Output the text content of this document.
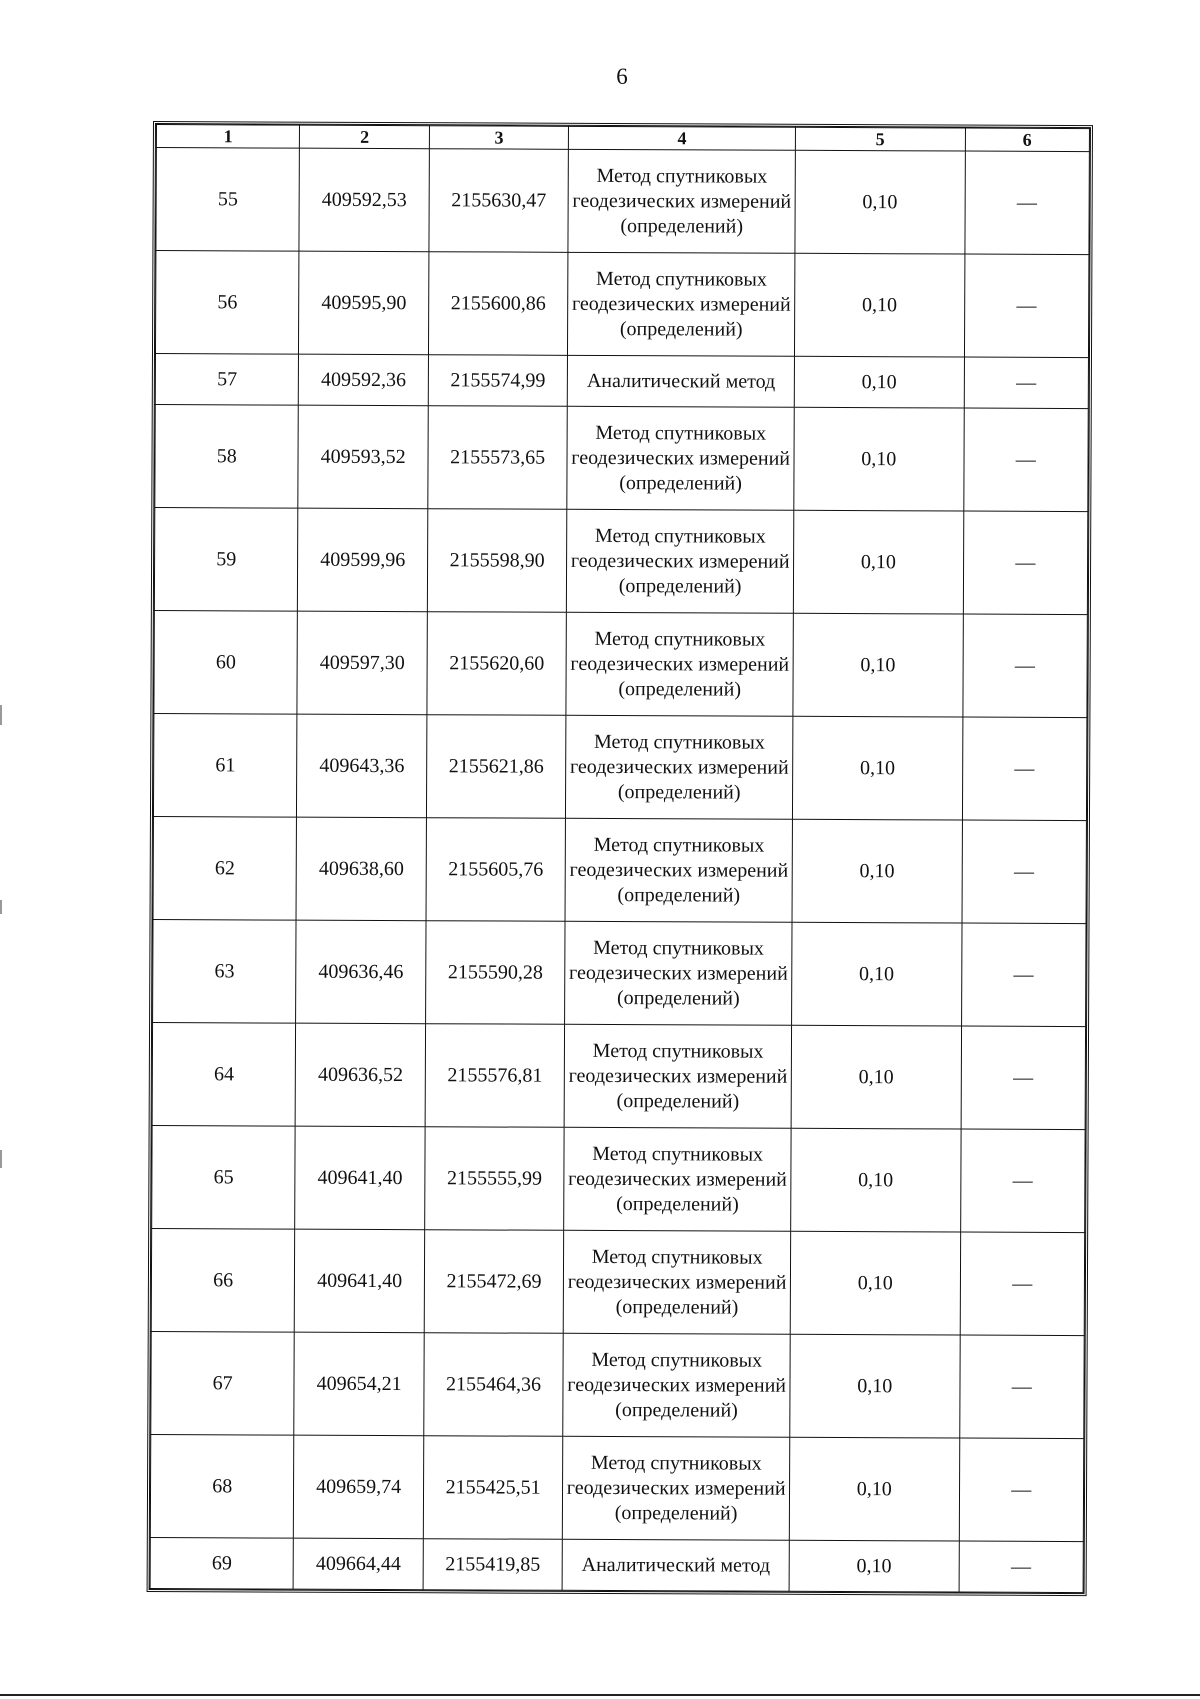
6
1	2	3	4	5	6
55	409592,53	2155630,47	Метод спутниковых геодезических измерений (определений)	0,10	—
56	409595,90	2155600,86	Метод спутниковых геодезических измерений (определений)	0,10	—
57	409592,36	2155574,99	Аналитический метод	0,10	—
58	409593,52	2155573,65	Метод спутниковых геодезических измерений (определений)	0,10	—
59	409599,96	2155598,90	Метод спутниковых геодезических измерений (определений)	0,10	—
60	409597,30	2155620,60	Метод спутниковых геодезических измерений (определений)	0,10	—
61	409643,36	2155621,86	Метод спутниковых геодезических измерений (определений)	0,10	—
62	409638,60	2155605,76	Метод спутниковых геодезических измерений (определений)	0,10	—
63	409636,46	2155590,28	Метод спутниковых геодезических измерений (определений)	0,10	—
64	409636,52	2155576,81	Метод спутниковых геодезических измерений (определений)	0,10	—
65	409641,40	2155555,99	Метод спутниковых геодезических измерений (определений)	0,10	—
66	409641,40	2155472,69	Метод спутниковых геодезических измерений (определений)	0,10	—
67	409654,21	2155464,36	Метод спутниковых геодезических измерений (определений)	0,10	—
68	409659,74	2155425,51	Метод спутниковых геодезических измерений (определений)	0,10	—
69	409664,44	2155419,85	Аналитический метод	0,10	—
